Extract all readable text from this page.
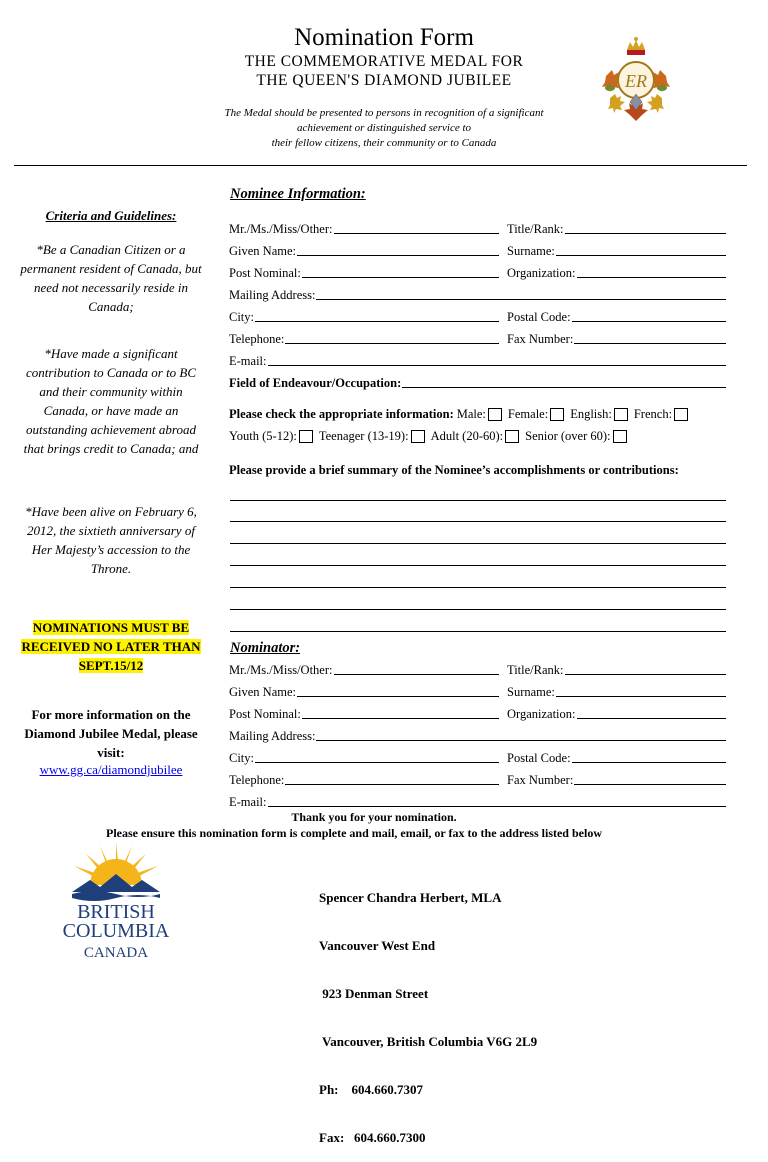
Nomination Form
THE COMMEMORATIVE MEDAL FOR
THE QUEEN'S DIAMOND JUBILEE
The Medal should be presented to persons in recognition of a significant
achievement or distinguished service to
their fellow citizens, their community or to Canada
ER
Criteria and Guidelines:
*Be a Canadian Citizen or a permanent resident of Canada, but need not necessarily reside in Canada;
*Have made a significant contribution to Canada or to BC and their community within Canada, or have made an outstanding achievement abroad that brings credit to Canada; and
*Have been alive on February 6, 2012, the sixtieth anniversary of Her Majesty’s accession to the Throne.
NOMINATIONS MUST BE RECEIVED NO LATER THAN SEPT.15/12
For more information on the Diamond Jubilee Medal, please visit:
www.gg.ca/diamondjubilee
Nominee Information:
Mr./Ms./Miss/Other:	Title/Rank:
Given Name:	Surname:
Post Nominal:	Organization:
Mailing Address:
City:	Postal Code:
Telephone:	Fax Number:
E-mail:
Field of Endeavour/Occupation:
Please check the appropriate information: Male: Female: English: French:
Youth (5-12): Teenager (13-19): Adult (20-60): Senior (over 60):
Please provide a brief summary of the Nominee’s accomplishments or contributions:
Nominator:
Mr./Ms./Miss/Other:	Title/Rank:
Given Name:	Surname:
Post Nominal:	Organization:
Mailing Address:
City:	Postal Code:
Telephone:	Fax Number:
E-mail:
Thank you for your nomination.
Please ensure this nomination form is complete and mail, email, or fax to the address listed below
BRITISH
COLUMBIA
CANADA

Spencer Chandra Herbert, MLA

Vancouver West End

923 Denman Street

Vancouver, British Columbia V6G 2L9

Ph:    604.660.7307

Fax:   604.660.7300
